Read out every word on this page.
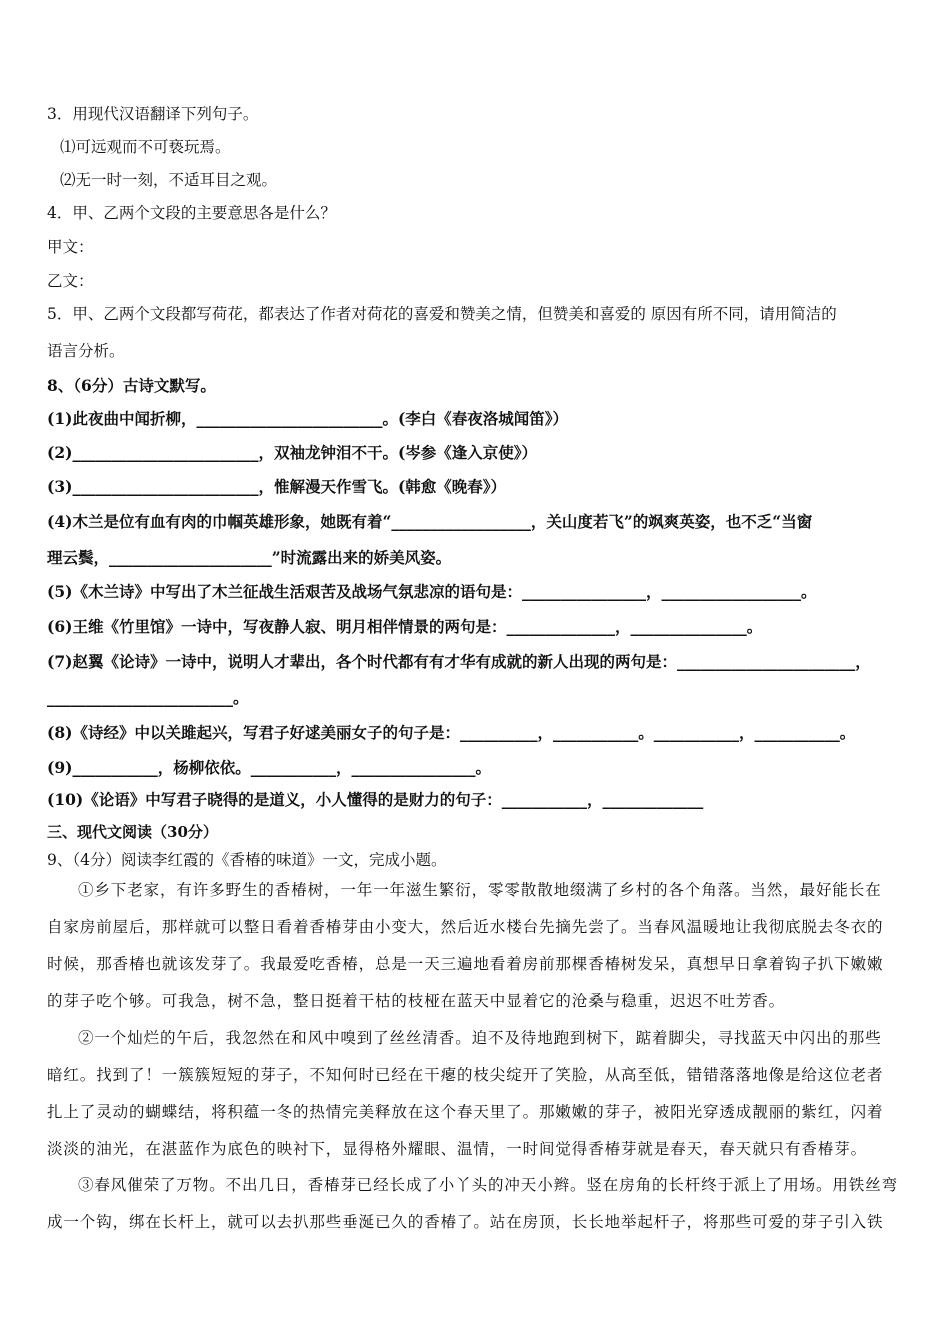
3．用现代汉语翻译下列句子。
⑴可远观而不可亵玩焉。
⑵无一时一刻，不适耳目之观。
4．甲、乙两个文段的主要意思各是什么？
甲文：
乙文：
5．甲、乙两个文段都写荷花，都表达了作者对荷花的喜爱和赞美之情，但赞美和喜爱的 原因有所不同，请用简洁的
语言分析。
8、（6分）古诗文默写。
(1)此夜曲中闻折柳，________________________。(李白《春夜洛城闻笛》）
(2)________________________，双袖龙钟泪不干。(岑参《逢入京使》）
(3)________________________，惟解漫天作雪飞。(韩愈《晚春》）
(4)木兰是位有血有肉的巾帼英雄形象，她既有着“__________________，关山度若飞”的飒爽英姿，也不乏“当窗
理云鬓，_____________________”时流露出来的娇美风姿。
(5)《木兰诗》中写出了木兰征战生活艰苦及战场气氛悲凉的语句是：________________，__________________。
(6)王维《竹里馆》一诗中，写夜静人寂、明月相伴情景的两句是：______________，_______________。
(7)赵翼《论诗》一诗中，说明人才辈出，各个时代都有有才华有成就的新人出现的两句是：_______________________，
________________________。
(8)《诗经》中以关雎起兴，写君子好逑美丽女子的句子是：__________，___________。___________，___________。
(9)___________，杨柳依依。___________，________________。
(10)《论语》中写君子晓得的是道义，小人懂得的是财力的句子：___________，_____________
三、现代文阅读（30分）
9、（4分）阅读李红霞的《香椿的味道》一文，完成小题。
①乡下老家，有许多野生的香椿树，一年一年滋生繁衍，零零散散地缀满了乡村的各个角落。当然，最好能长在
自家房前屋后，那样就可以整日看着香椿芽由小变大，然后近水楼台先摘先尝了。当春风温暖地让我彻底脱去冬衣的
时候，那香椿也就该发芽了。我最爱吃香椿，总是一天三遍地看着房前那棵香椿树发呆，真想早日拿着钩子扒下嫩嫩
的芽子吃个够。可我急，树不急，整日挺着干枯的枝桠在蓝天中显着它的沧桑与稳重，迟迟不吐芳香。
②一个灿烂的午后，我忽然在和风中嗅到了丝丝清香。迫不及待地跑到树下，踮着脚尖，寻找蓝天中闪出的那些
暗红。找到了！一簇簇短短的芽子，不知何时已经在干瘪的枝尖绽开了笑脸，从高至低，错错落落地像是给这位老者
扎上了灵动的蝴蝶结，将积蕴一冬的热情完美释放在这个春天里了。那嫩嫩的芽子，被阳光穿透成靓丽的紫红，闪着
淡淡的油光，在湛蓝作为底色的映衬下，显得格外耀眼、温情，一时间觉得香椿芽就是春天，春天就只有香椿芽。
③春风催荣了万物。不出几日，香椿芽已经长成了小丫头的冲天小辫。竖在房角的长杆终于派上了用场。用铁丝弯
成一个钩，绑在长杆上，就可以去扒那些垂涎已久的香椿了。站在房顶，长长地举起杆子，将那些可爱的芽子引入铁
